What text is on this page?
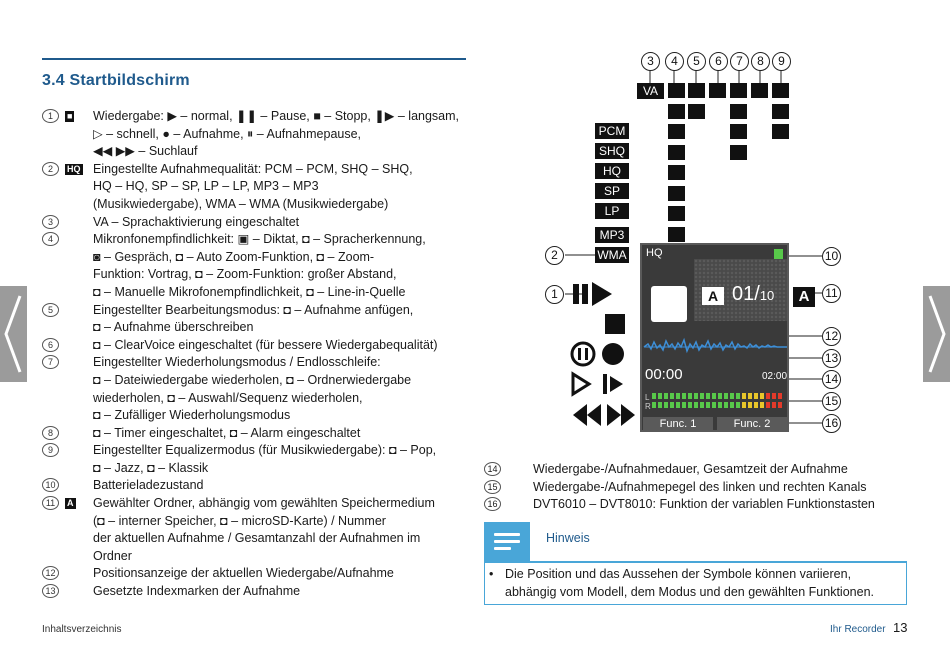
3.4 Startbildschirm
1	■	Wiedergabe: ▶ – normal, ❚❚ – Pause, ■ – Stopp, ❚▶ – langsam,
▷ – schnell, ● – Aufnahme, ⏸ – Aufnahmepause,
◀◀ ▶▶ – Suchlauf
2	HQ	Eingestellte Aufnahmequalität: PCM – PCM, SHQ – SHQ,
HQ – HQ, SP – SP, LP – LP, MP3 – MP3
(Musikwiedergabe), WMA – WMA (Musikwiedergabe)
3	VA – Sprachaktivierung eingeschaltet
4	Mikronfonempfindlichkeit: ▣ – Diktat, ◘ – Spracherkennung,
◙ – Gespräch, ◘ – Auto Zoom-Funktion, ◘ – Zoom-
Funktion: Vortrag, ◘ – Zoom-Funktion: großer Abstand,
◘ – Manuelle Mikrofonempfindlichkeit, ◘ – Line-in-Quelle
5	Eingestellter Bearbeitungsmodus: ◘ – Aufnahme anfügen,
◘ – Aufnahme überschreiben
6	◘ – ClearVoice eingeschaltet (für bessere Wiedergabequalität)
7	Eingestellter Wiederholungsmodus / Endlosschleife:
◘ – Dateiwiedergabe wiederholen, ◘ – Ordnerwiedergabe
wiederholen, ◘ – Auswahl/Sequenz wiederholen,
◘ – Zufälliger Wiederholungsmodus
8	◘ – Timer eingeschaltet, ◘ – Alarm eingeschaltet
9	Eingestellter Equalizermodus (für Musikwiedergabe): ◘ – Pop,
◘ – Jazz, ◘ – Klassik
10	Batterieladezustand
11	A	Gewählter Ordner, abhängig vom gewählten Speichermedium
(◘ – interner Speicher, ◘ – microSD-Karte) / Nummer
der aktuellen Aufnahme / Gesamtanzahl der Aufnahmen im
Ordner
12	Positionsanzeige der aktuellen Wiedergabe/Aufnahme
13	Gesetzte Indexmarken der Aufnahme
14	Wiedergabe-/Aufnahmedauer, Gesamtzeit der Aufnahme
15	Wiedergabe-/Aufnahmepegel des linken und rechten Kanals
16	DVT6010 – DVT8010: Funktion der variablen Funktionstasten
Hinweis
• Die Position und das Aussehen der Symbole können variieren,
abhängig vom Modell, dem Modus und den gewählten Funktionen.
Inhaltsverzeichnis	Ihr Recorder 13
3	4	5	6	7	8	9
VA
PCM
SHQ
HQ
SP
LP
MP3
WMA
2
1
HQ
A 01/10
00:00	02:00
L
R
Func. 1	Func. 2
A
10
11
12
13
14
15
16
